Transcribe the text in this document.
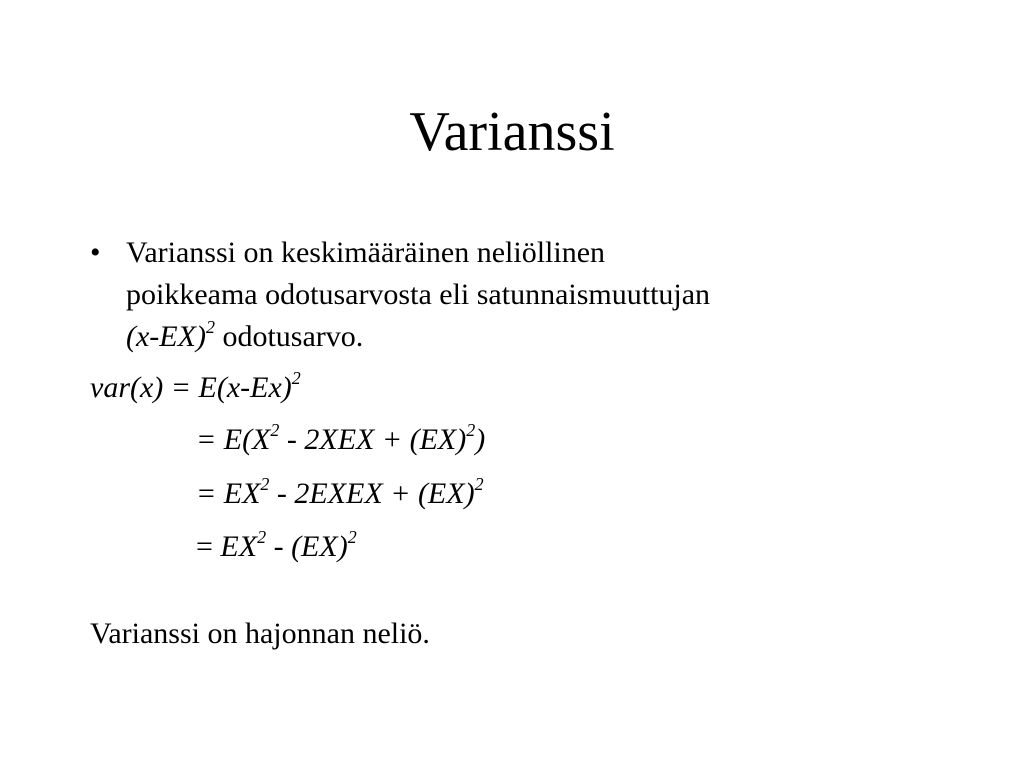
Varianssi
• Varianssi on keskimääräinen neliöllinen
poikkeama odotusarvosta eli satunnaismuuttujan
$(x-EX)^2$ odotusarvo.
$var(x) = E(x-Ex)^2$
= $E(X^2 - 2XEX + (EX)^2)$
= $EX^2$ - 2EXEX + (EX)$^2$
= $EX^2 - (EX)^2$
Varianssi on hajonnan neliö.
